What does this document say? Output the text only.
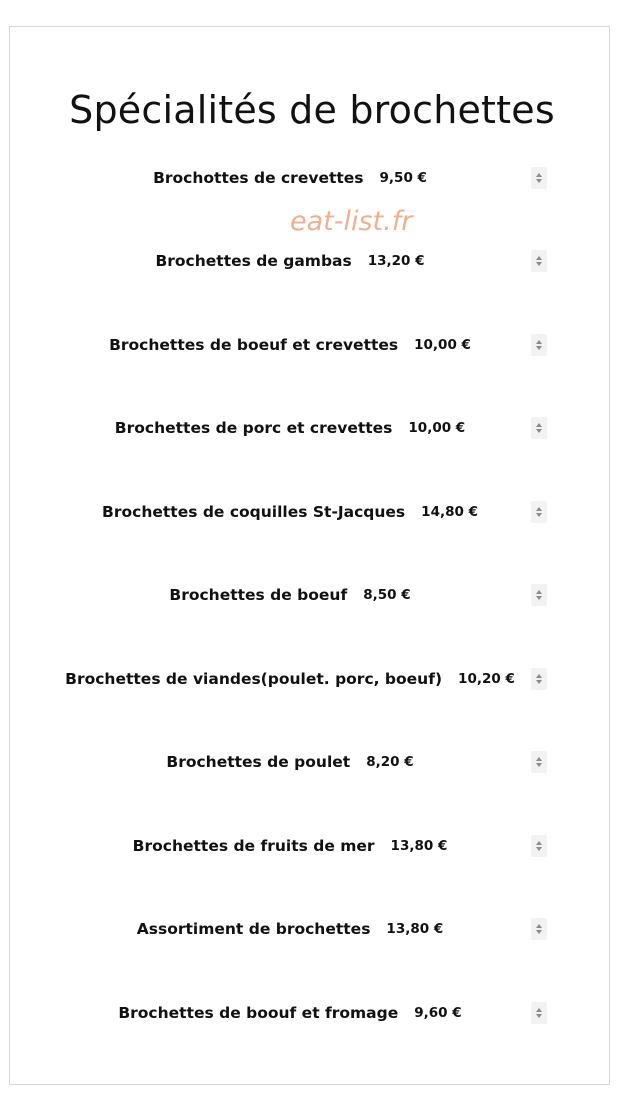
Spécialités de brochettes
eat-list.fr
Brochottes de crevettes 9,50 €
Brochettes de gambas 13,20 €
Brochettes de boeuf et crevettes 10,00 €
Brochettes de porc et crevettes 10,00 €
Brochettes de coquilles St-Jacques 14,80 €
Brochettes de boeuf 8,50 €
Brochettes de viandes(poulet. porc, boeuf) 10,20 €
Brochettes de poulet 8,20 €
Brochettes de fruits de mer 13,80 €
Assortiment de brochettes 13,80 €
Brochettes de boouf et fromage 9,60 €
